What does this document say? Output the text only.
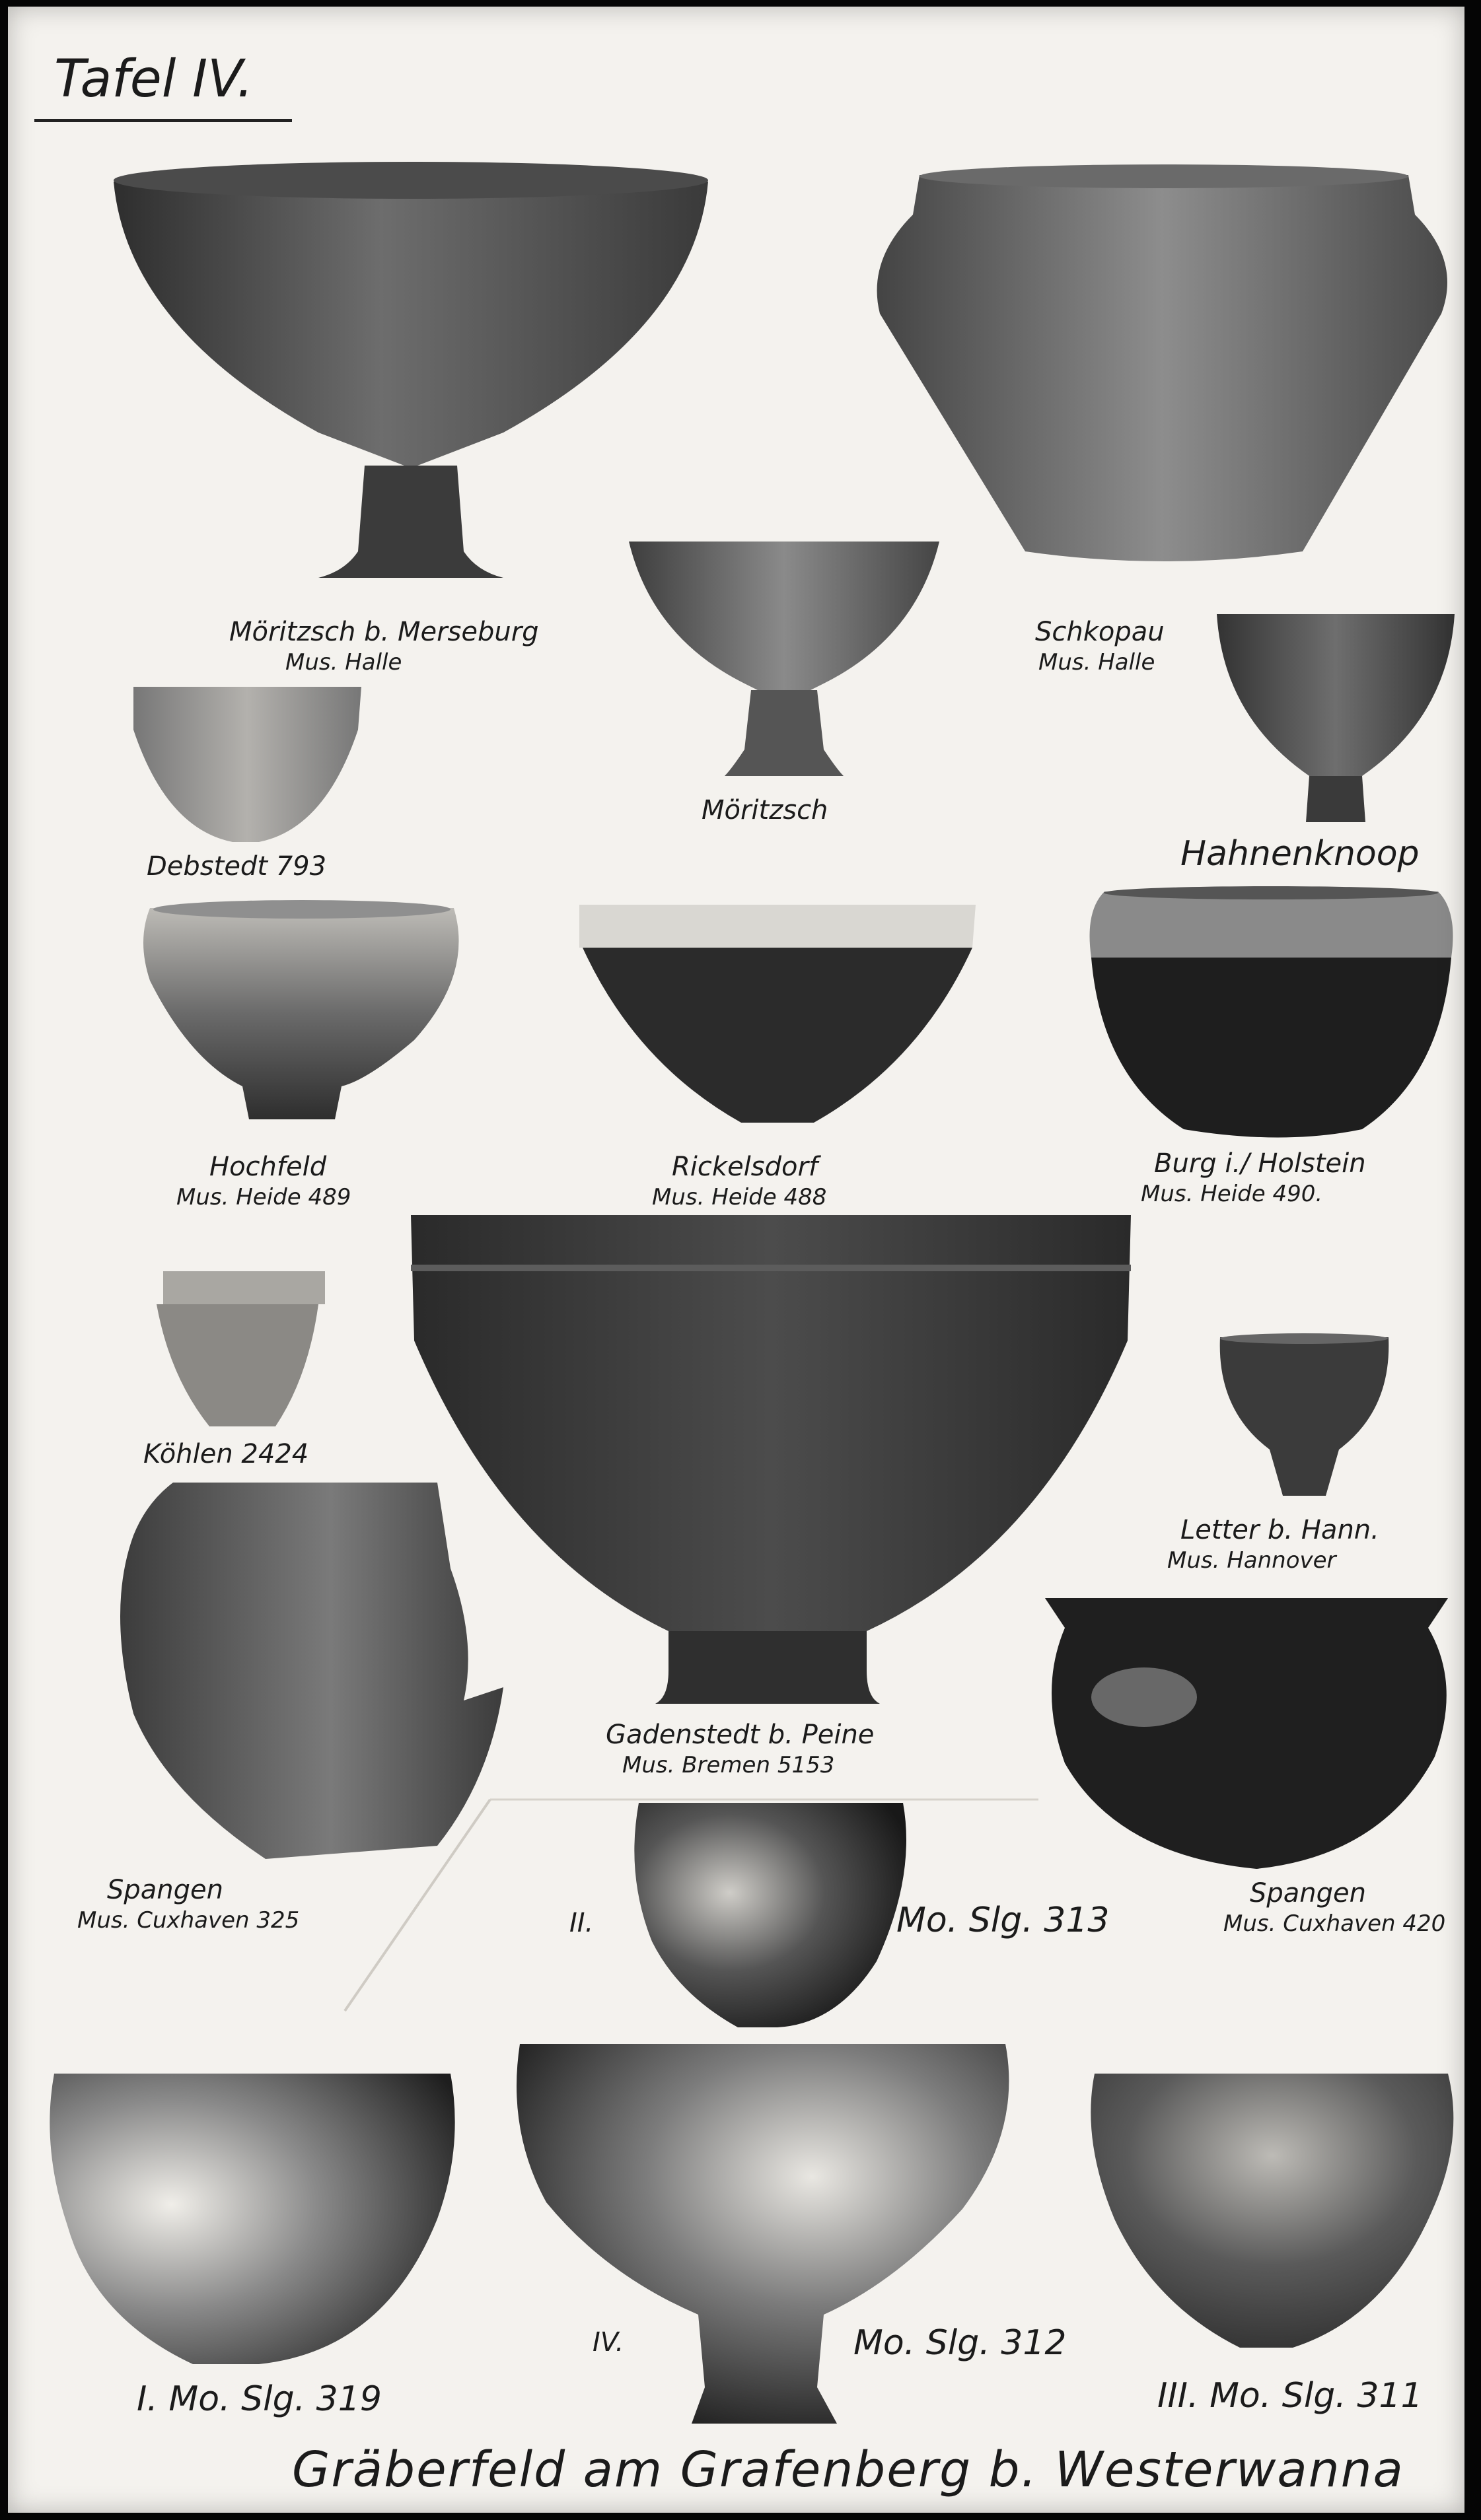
Tafel IV.
Möritzsch b. Merseburg
Mus. Halle
Schkopau
Mus. Halle
Möritzsch
Debstedt 793	Hahnenknoop
Hochfeld
Mus. Heide 489
Rickelsdorf
Mus. Heide 488
Burg i./ Holstein
Mus. Heide 490.
Köhlen 2424
Letter b. Hann.
Mus. Hannover
Gadenstedt b. Peine
Mus. Bremen 5153
Spangen
Mus. Cuxhaven 325
Spangen
Mus. Cuxhaven 420
II.	Mo. Slg. 313
IV.	Mo. Slg. 312
I. Mo. Slg. 319	III. Mo. Slg. 311
Gräberfeld am Grafenberg b. Westerwanna
